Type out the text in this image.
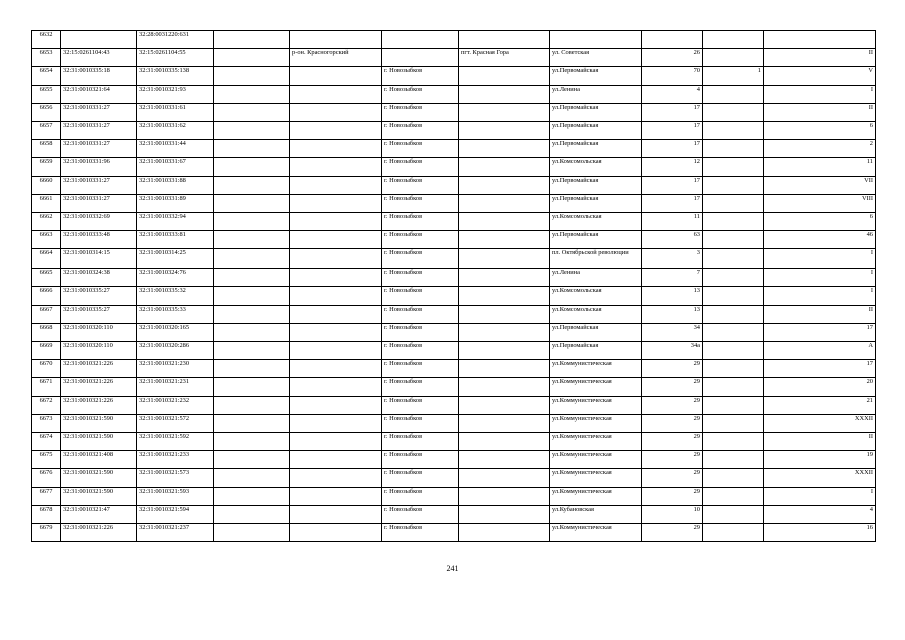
6632		32:28:0031220:631								
6653	32:15:0261104:43	32:15:0261104:55		р-он. Красногорский		пгт. Красная Гора	ул. Советская	26		II
6654	32:31:0010335:18	32:31:0010335:138			г. Новозыбков		ул.Первомайская	70	1	V
6655	32:31:0010321:64	32:31:0010321:93			г. Новозыбков		ул.Ленина	4		I
6656	32:31:0010331:27	32:31:0010331:61			г. Новозыбков		ул.Первомайская	17		II
6657	32:31:0010331:27	32:31:0010331:62			г. Новозыбков		ул.Первомайская	17		6
6658	32:31:0010331:27	32:31:0010331:44			г. Новозыбков		ул.Первомайская	17		2
6659	32:31:0010331:96	32:31:0010331:67			г. Новозыбков		ул.Комсомольская	12		11
6660	32:31:0010331:27	32:31:0010331:88			г. Новозыбков		ул.Первомайская	17		VII
6661	32:31:0010331:27	32:31:0010331:89			г. Новозыбков		ул.Первомайская	17		VIII
6662	32:31:0010332:69	32:31:0010332:94			г. Новозыбков		ул.Комсомольская	11		6
6663	32:31:0010333:48	32:31:0010333:81			г. Новозыбков		ул.Первомайская	63		46
6664	32:31:0010314:15	32:31:0010314:25			г. Новозыбков		пл. Октябрьской революции	3		I
6665	32:31:0010324:38	32:31:0010324:76			г. Новозыбков		ул.Ленина	7		I
6666	32:31:0010335:27	32:31:0010335:32			г. Новозыбков		ул.Комсомольская	13		I
6667	32:31:0010335:27	32:31:0010335:33			г. Новозыбков		ул.Комсомольская	13		II
6668	32:31:0010320:110	32:31:0010320:165			г. Новозыбков		ул.Первомайская	34		17
6669	32:31:0010320:110	32:31:0010320:286			г. Новозыбков		ул.Первомайская	34а		А
6670	32:31:0010321:226	32:31:0010321:230			г. Новозыбков		ул.Коммунистическая	29		17
6671	32:31:0010321:226	32:31:0010321:231			г. Новозыбков		ул.Коммунистическая	29		20
6672	32:31:0010321:226	32:31:0010321:232			г. Новозыбков		ул.Коммунистическая	29		21
6673	32:31:0010321:590	32:31:0010321:572			г. Новозыбков		ул.Коммунистическая	29		XXXII
6674	32:31:0010321:590	32:31:0010321:592			г. Новозыбков		ул.Коммунистическая	29		II
6675	32:31:0010321:408	32:31:0010321:233			г. Новозыбков		ул.Коммунистическая	29		19
6676	32:31:0010321:590	32:31:0010321:573			г. Новозыбков		ул.Коммунистическая	29		XXXII
6677	32:31:0010321:590	32:31:0010321:593			г. Новозыбков		ул.Коммунистическая	29		I
6678	32:31:0010321:47	32:31:0010321:594			г. Новозыбков		ул.Кубановская	10		4
6679	32:31:0010321:226	32:31:0010321:237			г. Новозыбков		ул.Коммунистическая	29		16
241
